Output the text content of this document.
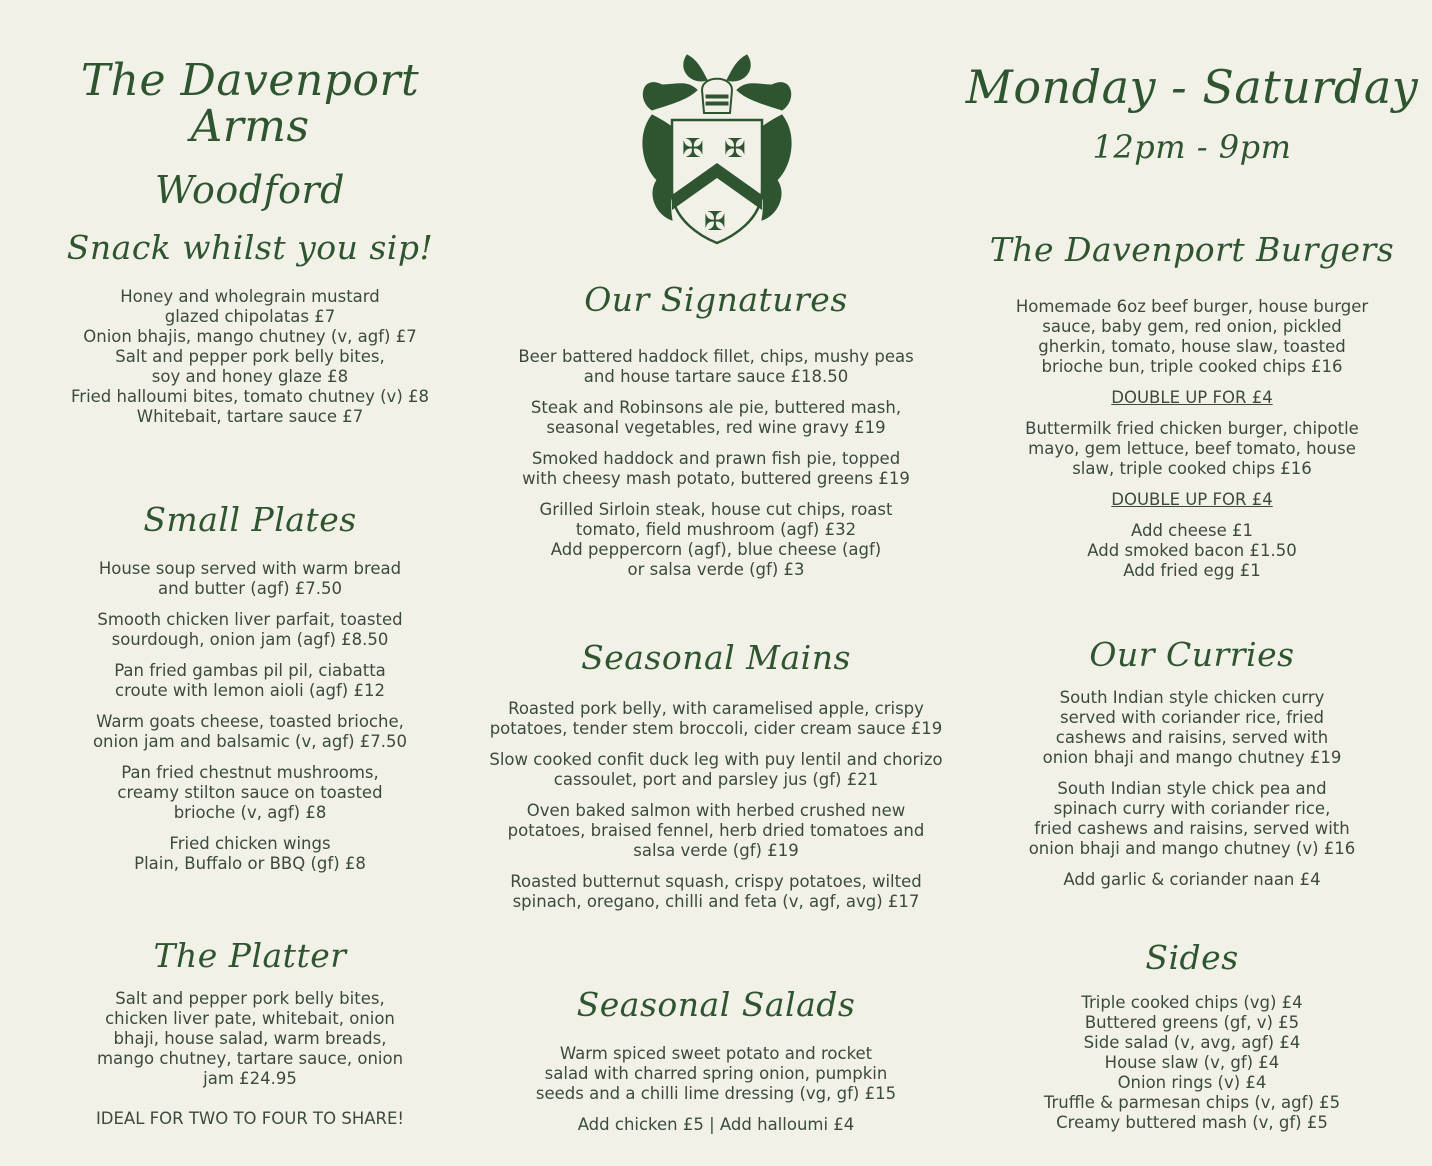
The Davenport Arms
Woodford
Snack whilst you sip!

Honey and wholegrain mustard

glazed chipolatas £7

Onion bhajis, mango chutney (v, agf) £7

Salt and pepper pork belly bites,

soy and honey glaze £8

Fried halloumi bites, tomato chutney (v) £8

Whitebait, tartare sauce £7

Small Plates

House soup served with warm bread

and butter (agf) £7.50

Smooth chicken liver parfait, toasted

sourdough, onion jam (agf) £8.50

Pan fried gambas pil pil, ciabatta

croute with lemon aioli (agf) £12

Warm goats cheese, toasted brioche,

onion jam and balsamic (v, agf) £7.50

Pan fried chestnut mushrooms,

creamy stilton sauce on toasted

brioche (v, agf) £8

Fried chicken wings

Plain, Buffalo or BBQ (gf) £8

The Platter

Salt and pepper pork belly bites,

chicken liver pate, whitebait, onion

bhaji, house salad, warm breads,

mango chutney, tartare sauce, onion

jam £24.95

IDEAL FOR TWO TO FOUR TO SHARE!

✠ ✠
✠
Our Signatures

Beer battered haddock fillet, chips, mushy peas

and house tartare sauce £18.50

Steak and Robinsons ale pie, buttered mash,

seasonal vegetables, red wine gravy £19

Smoked haddock and prawn fish pie, topped

with cheesy mash potato, buttered greens £19

Grilled Sirloin steak, house cut chips, roast

tomato, field mushroom (agf) £32

Add peppercorn (agf), blue cheese (agf)

or salsa verde (gf) £3

Seasonal Mains

Roasted pork belly, with caramelised apple, crispy

potatoes, tender stem broccoli, cider cream sauce £19

Slow cooked confit duck leg with puy lentil and chorizo

cassoulet, port and parsley jus (gf) £21

Oven baked salmon with herbed crushed new

potatoes, braised fennel, herb dried tomatoes and

salsa verde (gf) £19

Roasted butternut squash, crispy potatoes, wilted

spinach, oregano, chilli and feta (v, agf, avg) £17

Seasonal Salads

Warm spiced sweet potato and rocket

salad with charred spring onion, pumpkin

seeds and a chilli lime dressing (vg, gf) £15

Add chicken £5 | Add halloumi £4

Monday - Saturday
12pm - 9pm
The Davenport Burgers

Homemade 6oz beef burger, house burger

sauce, baby gem, red onion, pickled

gherkin, tomato, house slaw, toasted

brioche bun, triple cooked chips £16

DOUBLE UP FOR £4

Buttermilk fried chicken burger, chipotle

mayo, gem lettuce, beef tomato, house

slaw, triple cooked chips £16

DOUBLE UP FOR £4

Add cheese £1

Add smoked bacon £1.50

Add fried egg £1

Our Curries

South Indian style chicken curry

served with coriander rice, fried

cashews and raisins, served with

onion bhaji and mango chutney £19

South Indian style chick pea and

spinach curry with coriander rice,

fried cashews and raisins, served with

onion bhaji and mango chutney (v) £16

Add garlic & coriander naan £4

Sides

Triple cooked chips (vg) £4

Buttered greens (gf, v) £5

Side salad (v, avg, agf) £4

House slaw (v, gf) £4

Onion rings (v) £4

Truffle & parmesan chips (v, agf) £5

Creamy buttered mash (v, gf) £5
